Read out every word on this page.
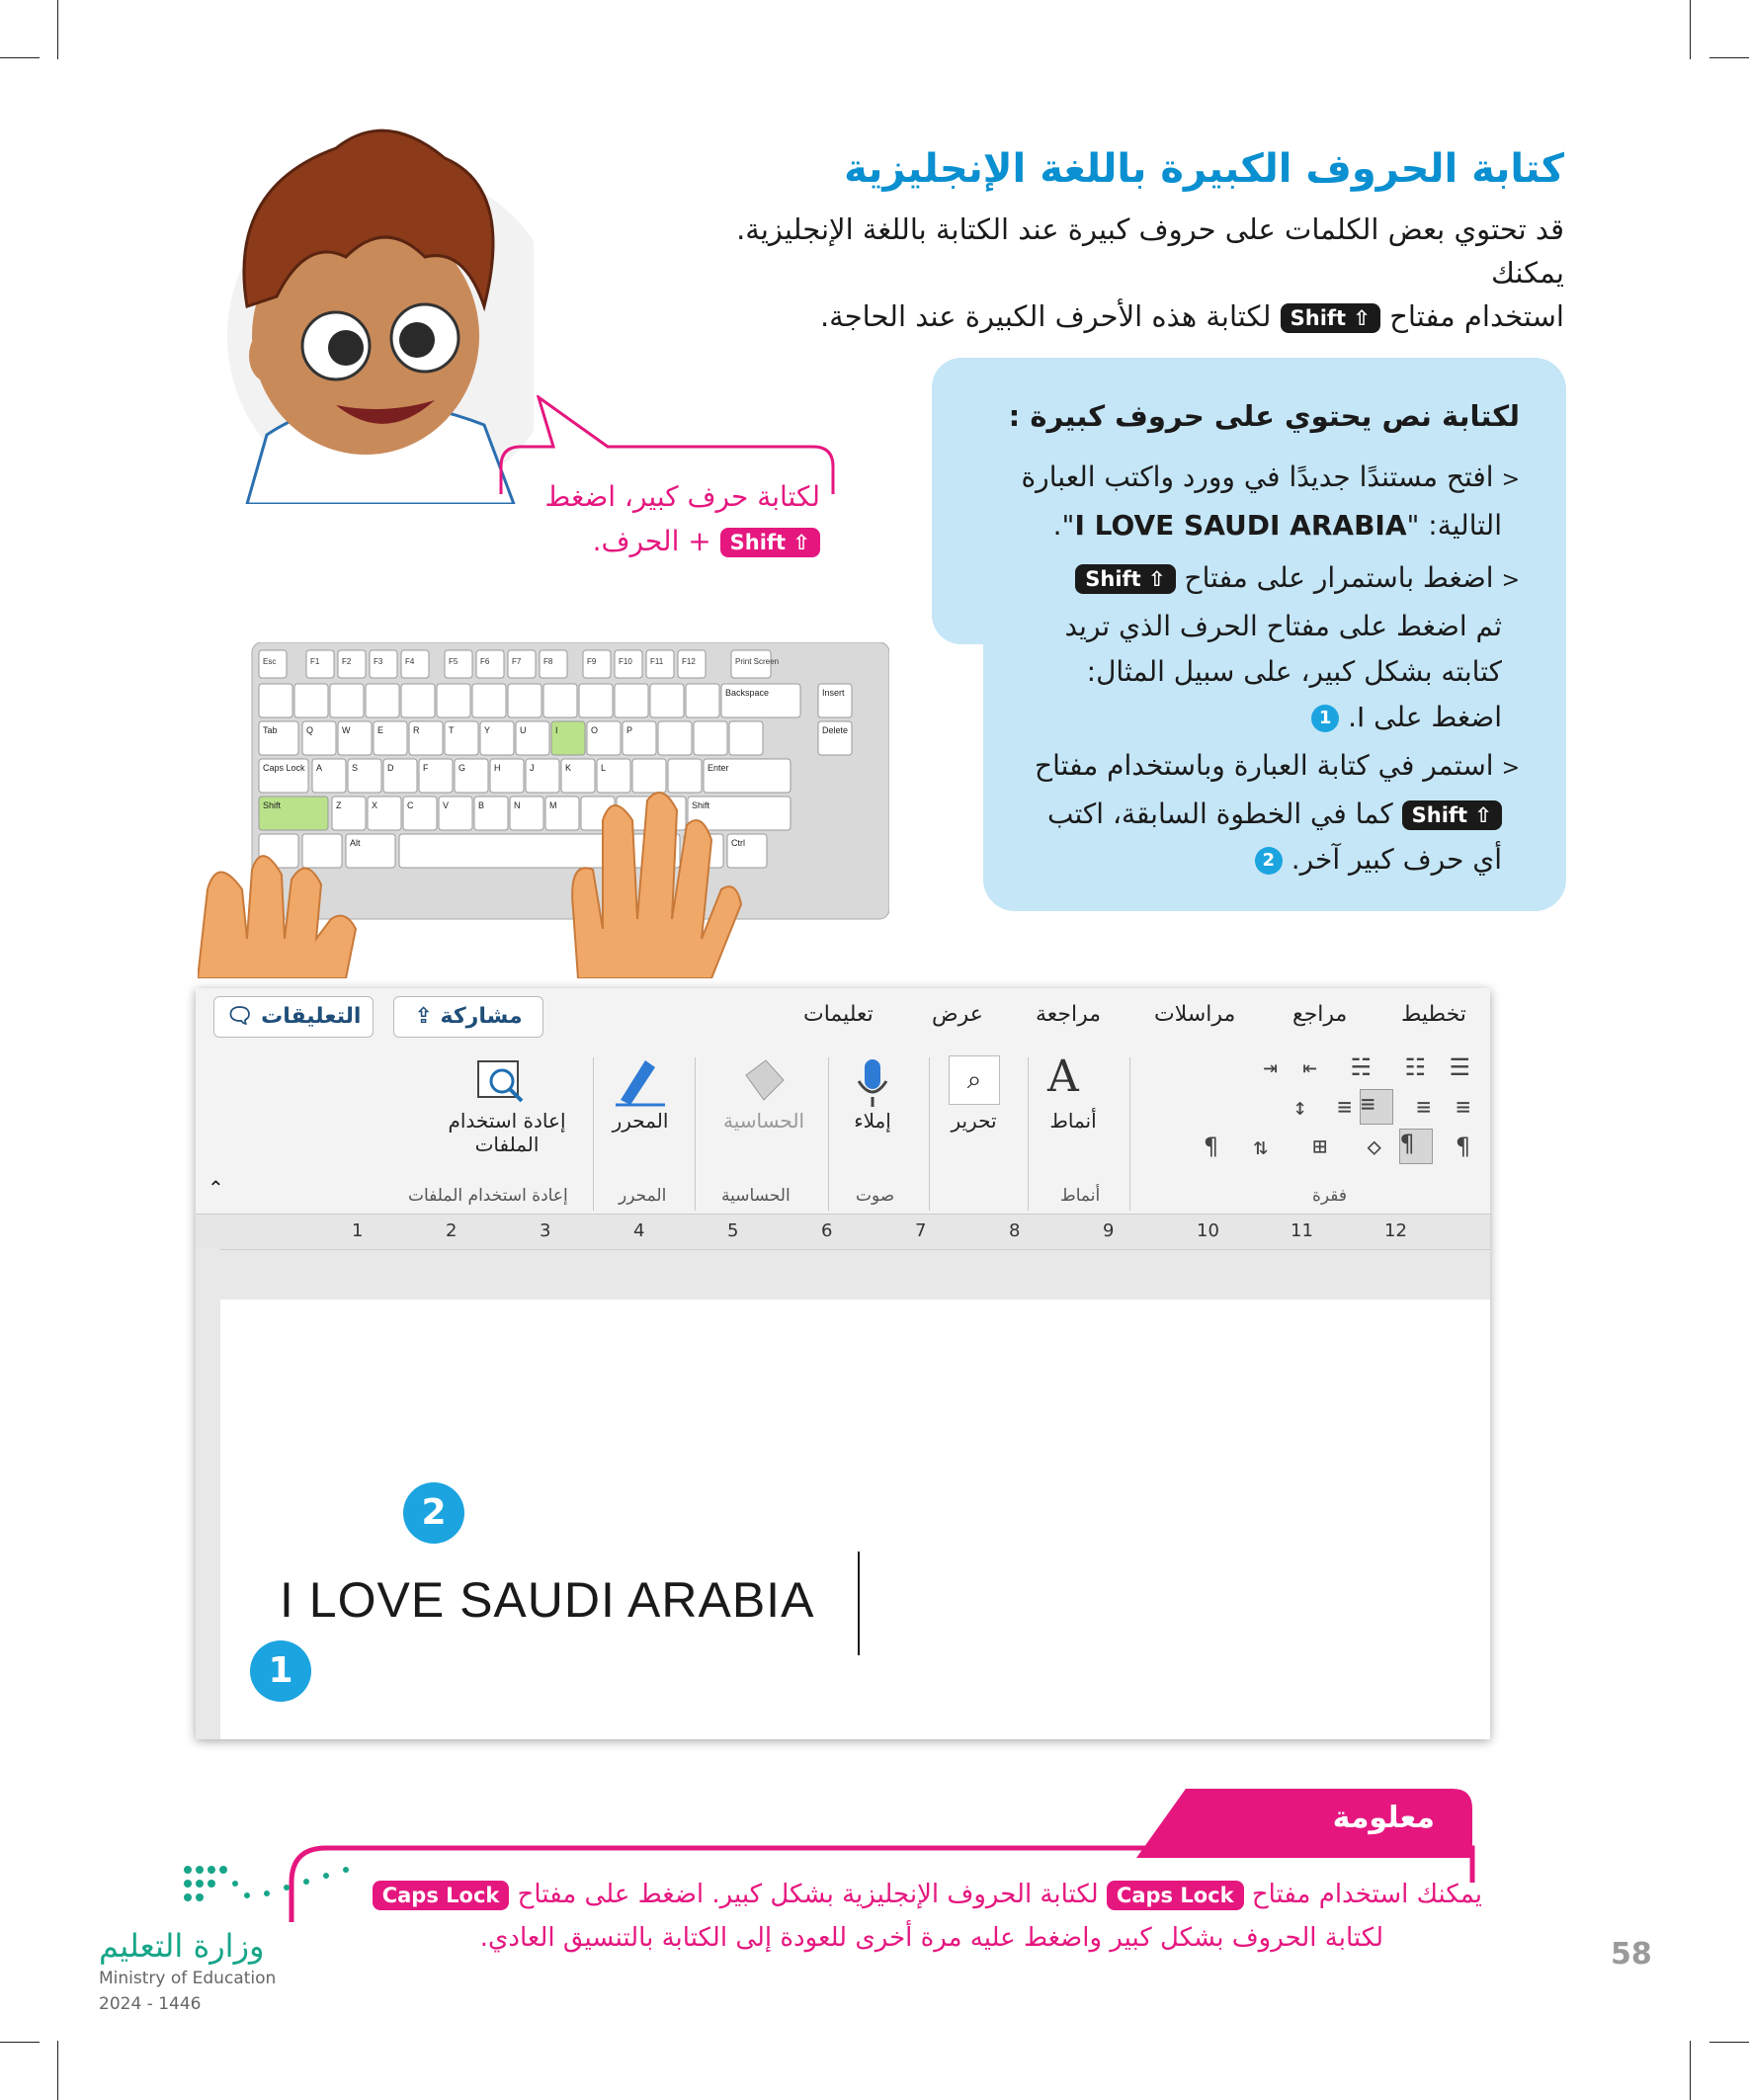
كتابة الحروف الكبيرة باللغة الإنجليزية
قد تحتوي بعض الكلمات على حروف كبيرة عند الكتابة باللغة الإنجليزية. يمكنك
استخدام مفتاح Shift ⇧ لكتابة هذه الأحرف الكبيرة عند الحاجة.
لكتابة حرف كبير، اضغط
Shift ⇧ + الحرف.
لكتابة نص يحتوي على حروف كبيرة :
<افتح مستندًا جديدًا في وورد واكتب العبارة
التالية: "I LOVE SAUDI ARABIA".
<اضغط باستمرار على مفتاح Shift ⇧
ثم اضغط على مفتاح الحرف الذي تريد
كتابته بشكل كبير، على سبيل المثال:
اضغط على I. 1
<استمر في كتابة العبارة وباستخدام مفتاح
Shift ⇧ كما في الخطوة السابقة، اكتب
أي حرف كبير آخر. 2
Esc	F1	F2	F3	F4	F5	F6	F7	F8	F9	F10 F11 F12	Print Screen
Backspace	Insert
Tab	Q	W	E	R	T	Y	U	I	O	P	Delete
Caps Lock A	S	D	F	G	H	J	K	L	Enter
Shift	Z	X	C	V	B	N	M	Shift
Alt	Ctrl
🗨 التعليقات	⇪ مشاركة	تعليمات	عرض مراجعة مراسلات	مراجع تخطيط
إعادة استخدام
الملفات
إعادة استخدام الملفات
المحرر
المحرر
الحساسية
الحساسية
إملاء
صوت
⌕
تحرير
A
أنماط
أنماط
☰
☷
☵
⇤
⇥
≡
≡
≡
≡
↕
¶
¶
◇
⊞
⇅
¶
فقرة
⌃
1	2	3	4	5	6	7	8	9	10	11	12
2
1
I LOVE SAUDI ARABIA
معلومة
يمكنك استخدام مفتاح Caps Lock لكتابة الحروف الإنجليزية بشكل كبير. اضغط على مفتاح Caps Lock
لكتابة الحروف بشكل كبير واضغط عليه مرة أخرى للعودة إلى الكتابة بالتنسيق العادي.	58
وزارة التعليم
Ministry of Education
2024 - 1446
